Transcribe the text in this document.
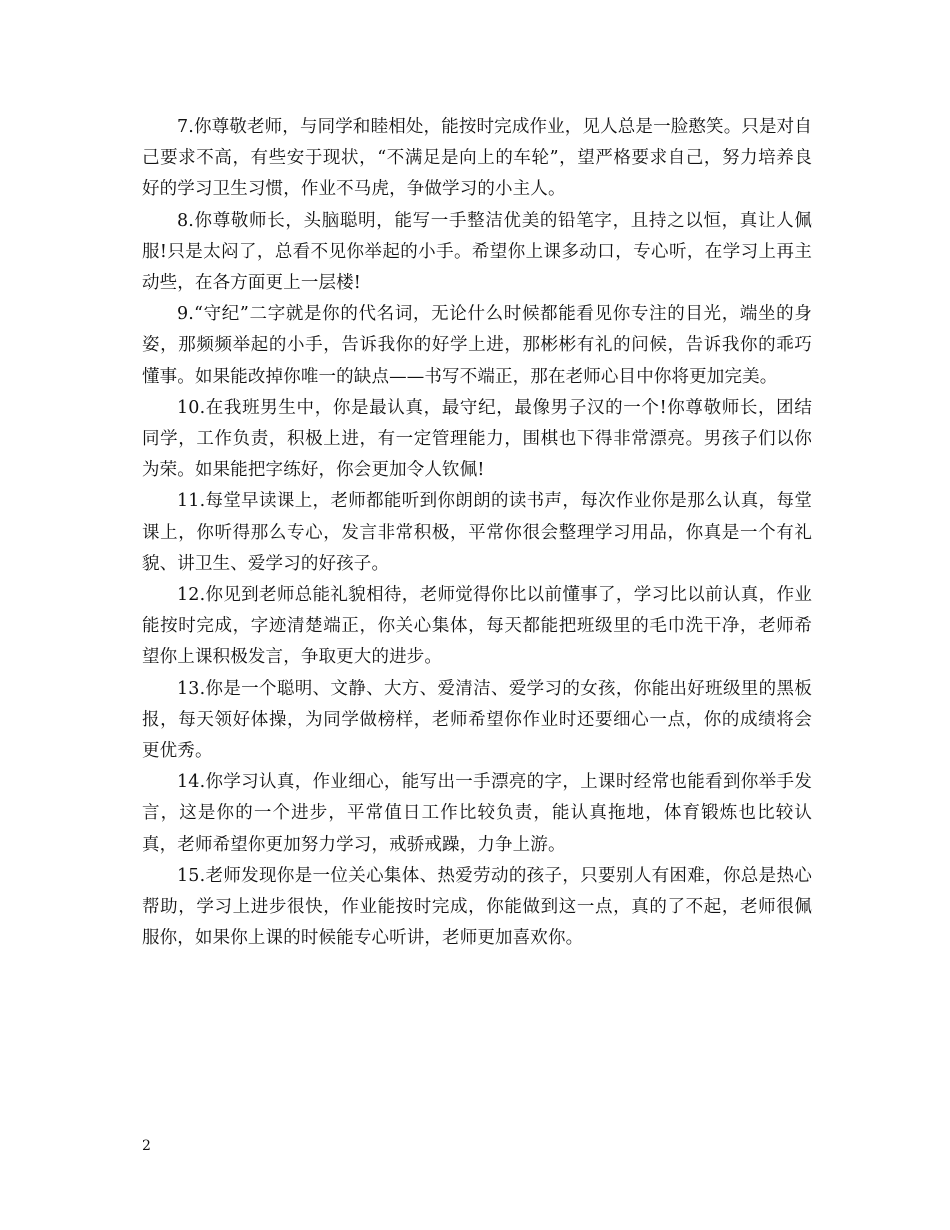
7.你尊敬老师，与同学和睦相处，能按时完成作业，见人总是一脸憨笑。只是对自己要求不高，有些安于现状，“不满足是向上的车轮”，望严格要求自己，努力培养良好的学习卫生习惯，作业不马虎，争做学习的小主人。

8.你尊敬师长，头脑聪明，能写一手整洁优美的铅笔字，且持之以恒，真让人佩服!只是太闷了，总看不见你举起的小手。希望你上课多动口，专心听，在学习上再主动些，在各方面更上一层楼!

9.“守纪”二字就是你的代名词，无论什么时候都能看见你专注的目光，端坐的身姿，那频频举起的小手，告诉我你的好学上进，那彬彬有礼的问候，告诉我你的乖巧懂事。如果能改掉你唯一的缺点——书写不端正，那在老师心目中你将更加完美。

10.在我班男生中，你是最认真，最守纪，最像男子汉的一个!你尊敬师长，团结同学，工作负责，积极上进，有一定管理能力，围棋也下得非常漂亮。男孩子们以你为荣。如果能把字练好，你会更加令人钦佩!

11.每堂早读课上，老师都能听到你朗朗的读书声，每次作业你是那么认真，每堂课上，你听得那么专心，发言非常积极，平常你很会整理学习用品，你真是一个有礼貌、讲卫生、爱学习的好孩子。

12.你见到老师总能礼貌相待，老师觉得你比以前懂事了，学习比以前认真，作业能按时完成，字迹清楚端正，你关心集体，每天都能把班级里的毛巾洗干净，老师希望你上课积极发言，争取更大的进步。

13.你是一个聪明、文静、大方、爱清洁、爱学习的女孩，你能出好班级里的黑板报，每天领好体操，为同学做榜样，老师希望你作业时还要细心一点，你的成绩将会更优秀。

14.你学习认真，作业细心，能写出一手漂亮的字，上课时经常也能看到你举手发言，这是你的一个进步，平常值日工作比较负责，能认真拖地，体育锻炼也比较认真，老师希望你更加努力学习，戒骄戒躁，力争上游。

15.老师发现你是一位关心集体、热爱劳动的孩子，只要别人有困难，你总是热心帮助，学习上进步很快，作业能按时完成，你能做到这一点，真的了不起，老师很佩服你，如果你上课的时候能专心听讲，老师更加喜欢你。

2
